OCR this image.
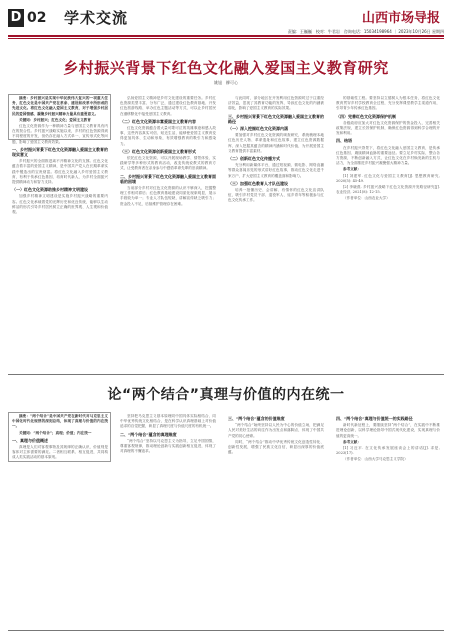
D 02 学术交流	山西市场导报
责编：王巍巍　校对：牛君岩　咨询电话：15034198964 ｜ 2023年10月26日 星期四
乡村振兴背景下红色文化融入爱国主义教育研究
姚旭　柳可心

摘要：乡村振兴是实现中华民族伟大复兴的一项重大任务，红色文化是中国共产党在革命、建设和改革中所形成的先进文化。将红色文化融入爱国主义教育，对于增强乡村居民的爱国情感、凝聚乡村振兴精神力量具有重要意义。

关键词：乡村振兴；红色文化；爱国主义教育

红色文化资源作为一种精神力量与爱国主义教育具有内在的契合性。乡村振兴战略实施以来，乡村的红色资源得到不同程度的开发，但仍存在融入方式单一、宣传形式化等问题，影响了爱国主义教育效果。

一、乡村振兴背景下红色文化资源融入爱国主义教育的现实意义

乡村振兴的全面推进离不开精神文化的支撑。红色文化蕴含着丰富的爱国主义精神，是中国共产党人在长期革命实践中锻造出的宝贵财富。将红色文化融入乡村爱国主义教育，有利于传承红色基因、培育时代新人，为乡村全面振兴提供精神动力和智力支持。

（一）红色文化资源助推乡村精神文明建设

加强乡村精神文明建设是实施乡村振兴战略的重要内容。红色文化承载着党的光辉历史和优良传统，能够以生动鲜活的形式引导乡村居民树立正确的世界观、人生观和价值观。

弘扬爱国主义精神是乡村文化建设的重要任务。乡村红色资源类型丰富、分布广泛，通过建设红色教育基地、开发红色旅游线路、举办红色主题活动等方式，可以让乡村居民在潜移默化中接受爱国主义教育。

（二）红色文化资源丰富爱国主义教育内容

红色文化资源蕴含着大量可歌可泣的英雄事迹和感人故事，这些内容真实可信、贴近生活，能够使爱国主义教育变得更加具体、生动和形象，有效增强教育的吸引力和感染力。

（三）红色文化资源创新爱国主义教育形式

依托红色文化资源，可以开展现场教学、情景体验、实践研学等多种形式的教育活动，改变传统说教式的教育方式，让受教育者在亲身参与中感悟革命先辈的崇高精神。

二、乡村振兴背景下红色文化资源融入爱国主义教育面临的困境

当前部分乡村对红色文化资源的认识不够深入，挖掘整理工作相对滞后；红色教育基地建设同质化现象明显，展示手段较为单一；专业人才队伍短缺，讲解宣传缺乏吸引力；资金投入不足，后续维护管理存在困难。

与此同时，部分地区在开发利用红色资源时过于注重经济效益，忽视了其教育功能的发挥，导致红色文化的内涵被弱化，影响了爱国主义教育的实际效果。

三、乡村振兴背景下红色文化资源融入爱国主义教育的路径

（一）深入挖掘红色文化资源内涵

要加强对乡村红色文化资源的调查研究，系统梳理本地红色历史人物、革命遗址和红色故事，建立红色资源数据库，深入挖掘其蕴含的精神内涵和时代价值，为开展爱国主义教育提供丰富素材。

（二）创新红色文化传播方式

充分利用新媒体平台，通过短视频、微电影、网络直播等群众喜闻乐见的形式讲好红色故事，推动红色文化走进千家万户，扩大爱国主义教育的覆盖面和影响力。

（三）加强红色教育人才队伍建设

培养一批懂历史、会讲解、有情怀的红色文化宣讲队伍，吸引乡村党员干部、退役军人、返乡青年等积极参与红色文化传承工作。

的基础性工程。要坚持以立德树人为根本任务，将红色文化教育贯穿乡村学校教育全过程，充分发挥课堂教学主渠道作用，引导青少年传承红色基因。

（四）完善红色文化资源保护机制

各级政府应加大对红色文化资源保护的资金投入，完善相关政策法规，建立长效保护机制，确保红色资源得到科学合理的开发和利用。

四、结语

在乡村振兴背景下，将红色文化融入爱国主义教育，是传承红色基因、赓续精神血脉的重要途径。要立足乡村实际，整合各方资源，不断创新融入方式，让红色文化在乡村焕发新的生机与活力，为全面推进乡村振兴凝聚强大精神力量。

参考文献：

[1] 刘建军. 红色文化与爱国主义教育[J]. 思想教育研究, 2020(5): 45-49.

[2] 李晓燕. 乡村振兴战略下红色文化资源开发路径研究[J]. 农业经济, 2021(8): 12-15.

（作者单位：山西农业大学）

论“两个结合”真理与价值的内在统一

摘要：“两个结合”是中国共产党在新时代对马克思主义中国化时代化规律的深刻总结，体现了真理与价值的内在统一。

关键词：“两个结合”；真理；价值；内在统一

一、真理与价值概述

真理是人们对客观事物及其规律的正确认识，价值则是客体对主体需要的满足。二者相互联系、相互促进，共同构成人类实践活动的基本原则。

坚持把马克思主义基本原理同中国具体实际相结合、同中华优秀传统文化相结合，是在科学认识真理基础上对价值追求的自觉把握，彰显了真理尺度与价值尺度的有机统一。

二、“两个结合”蕴含的真理维度

“两个结合”坚持以马克思主义为指导，立足中国国情，尊重客观规律，推动理论创新与实践创新相互促进，体现了对真理的不懈追求。

三、“两个结合”蕴含的价值维度

“两个结合”始终坚持以人民为中心的价值立场，把满足人民对美好生活的向往作为出发点和落脚点，体现了中国共产党的初心使命。

同时，“两个结合”推动中华优秀传统文化创造性转化、创新性发展，增强了民族文化自信，彰显出深厚的价值底蕴。

四、“两个结合”真理与价值统一的实践路径

新时代新征程上，要继续坚持“两个结合”，在实践中不断推进理论创新，以科学理论指导中国式现代化建设，实现真理与价值的更高统一。

参考文献：

[1] 习近平. 在文化传承发展座谈会上的讲话[J]. 求是, 2023(17).

（作者单位：山西大学马克思主义学院）
